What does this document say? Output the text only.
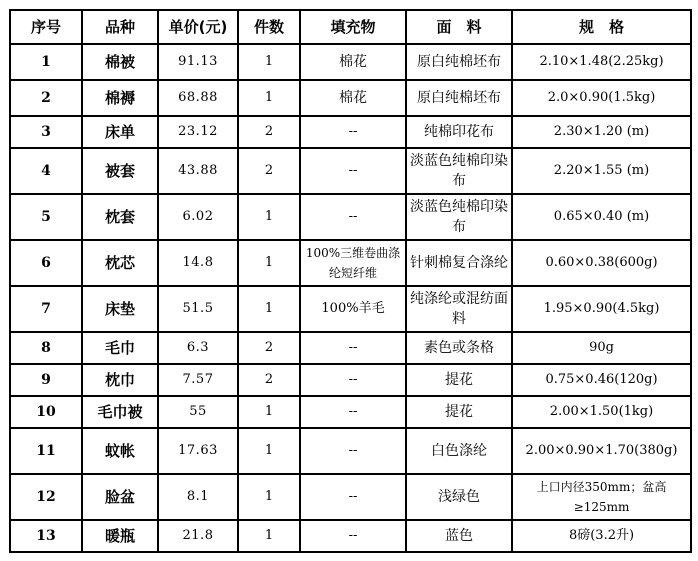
序号	品种	单价(元)	件数	填充物	面　料	规　格
1	棉被	91.13	1	棉花	原白纯棉坯布	2.10×1.48(2.25kg)
2	棉褥	68.88	1	棉花	原白纯棉坯布	2.0×0.90(1.5kg)
3	床单	23.12	2	--	纯棉印花布	2.30×1.20 (m)
4	被套	43.88	2	--	淡蓝色纯棉印染布	2.20×1.55 (m)
5	枕套	6.02	1	--	淡蓝色纯棉印染布	0.65×0.40 (m)
6	枕芯	14.8	1	100%三维卷曲涤纶短纤维	针刺棉复合涤纶	0.60×0.38(600g)
7	床垫	51.5	1	100%羊毛	纯涤纶或混纺面料	1.95×0.90(4.5kg)
8	毛巾	6.3	2	--	素色或条格	90g
9	枕巾	7.57	2	--	提花	0.75×0.46(120g)
10	毛巾被	55	1	--	提花	2.00×1.50(1kg)
11	蚊帐	17.63	1	--	白色涤纶	2.00×0.90×1.70(380g)
12	脸盆	8.1	1	--	浅绿色	上口内径350mm；盆高≥125mm
13	暖瓶	21.8	1	--	蓝色	8磅(3.2升)
